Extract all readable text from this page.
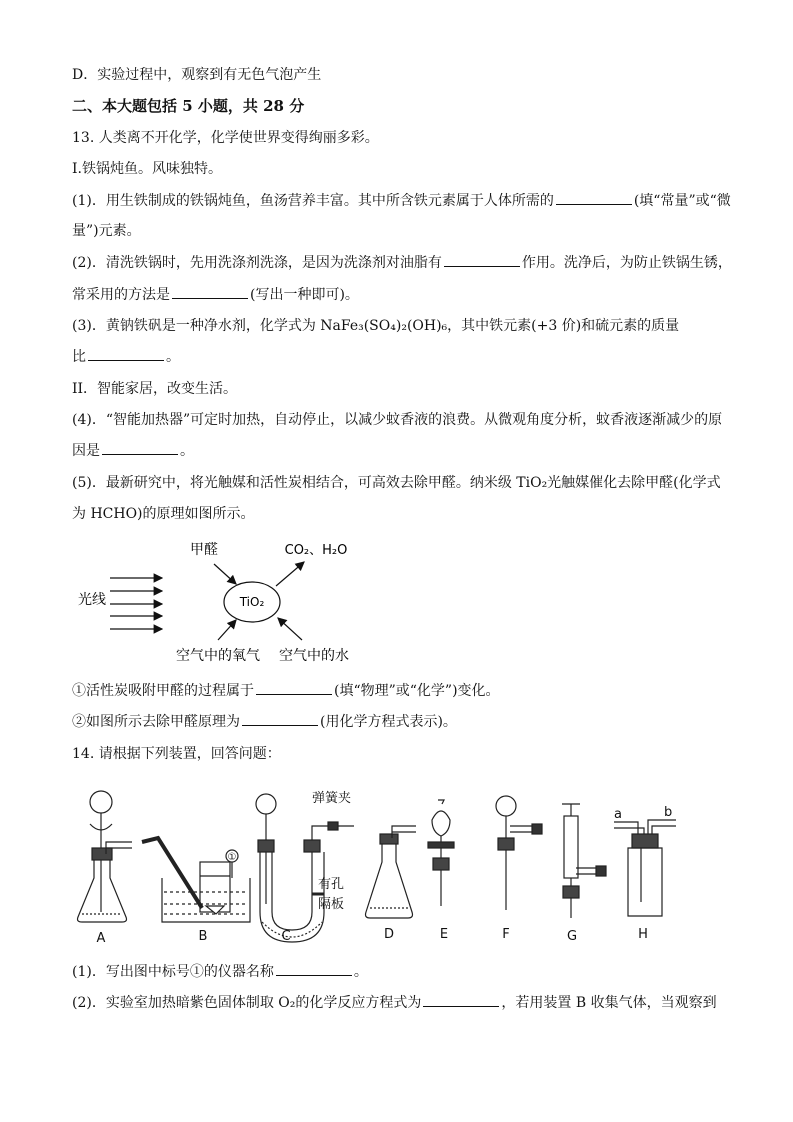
D．实验过程中，观察到有无色气泡产生
二、本大题包括 5 小题，共 28 分
13. 人类离不开化学，化学使世界变得绚丽多彩。
I.铁锅炖鱼。风味独特。
(1)．用生铁制成的铁锅炖鱼，鱼汤营养丰富。其中所含铁元素属于人体所需的	(填“常量”或“微
量”)元素。
(2)．清洗铁锅时，先用洗涤剂洗涤，是因为洗涤剂对油脂有	作用。洗净后，为防止铁锅生锈，
常采用的方法是	(写出一种即可)。
(3)．黄钠铁矾是一种净水剂，化学式为 NaFe₃(SO₄)₂(OH)₆，其中铁元素(+3 价)和硫元素的质量
比	。
II．智能家居，改变生活。
(4)．“智能加热器”可定时加热，自动停止，以减少蚊香液的浪费。从微观角度分析，蚊香液逐渐减少的原
因是	。
(5)．最新研究中，将光触媒和活性炭相结合，可高效去除甲醛。纳米级 TiO₂光触媒催化去除甲醛(化学式
为 HCHO)的原理如图所示。
光线	TiO₂
甲醛	CO₂、H₂O
空气中的氧气 空气中的水
①活性炭吸附甲醛的过程属于	(填“物理”或“化学”)变化。
②如图所示去除甲醛原理为	(用化学方程式表示)。
14. 请根据下列装置，回答问题：
①
弹簧夹
有孔
隔板
a	b
A	B	C	D	E	F	G	H
(1)．写出图中标号①的仪器名称	。
(2)．实验室加热暗紫色固体制取 O₂的化学反应方程式为	，若用装置 B 收集气体，当观察到
